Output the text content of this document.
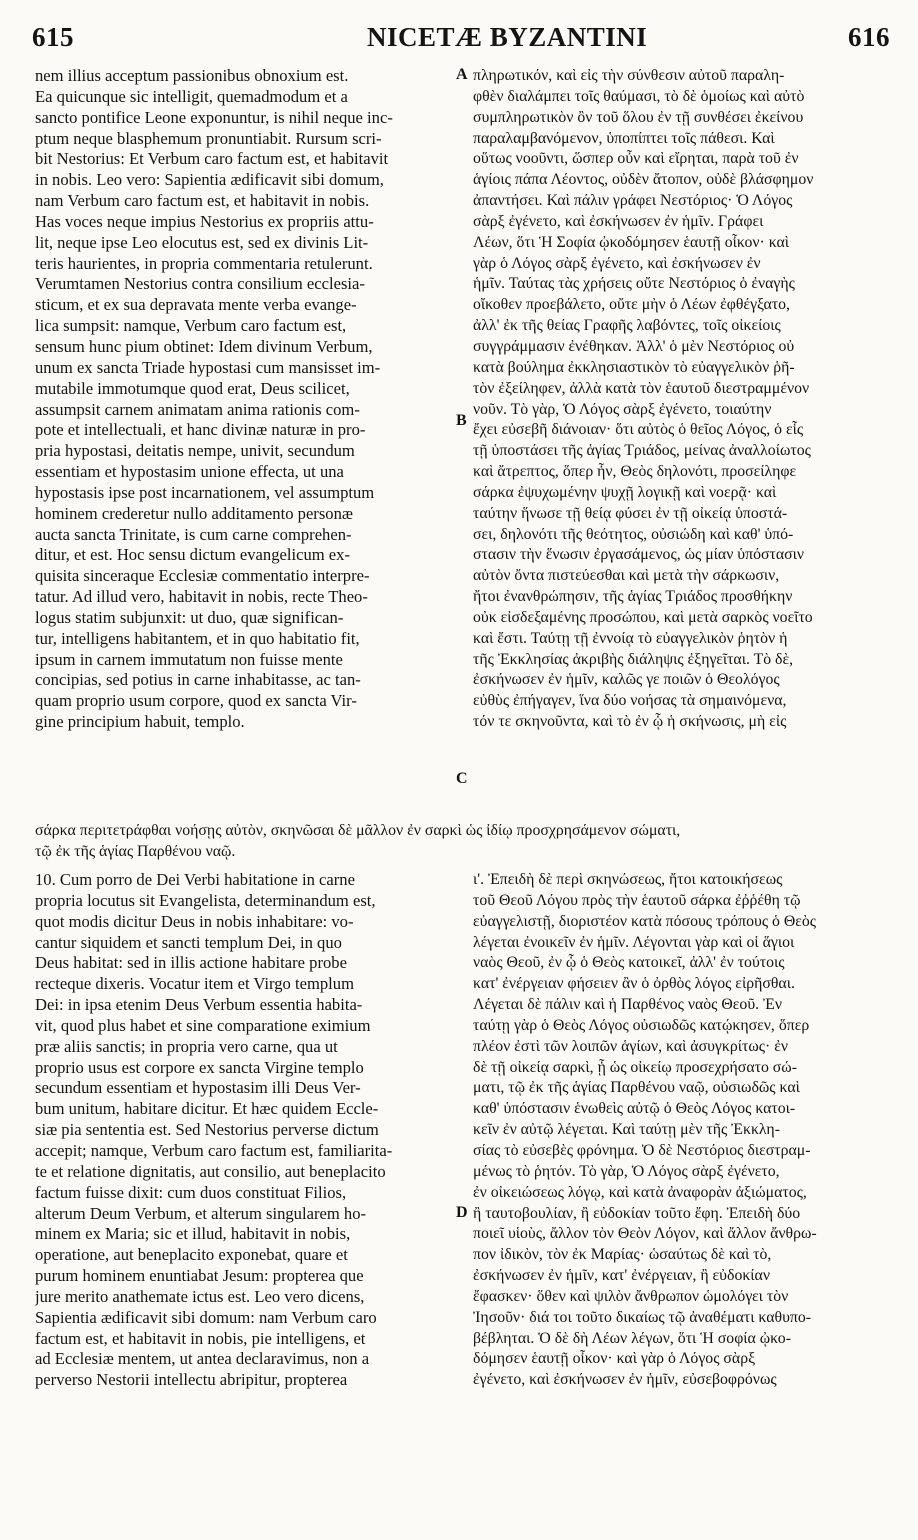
615	NICETÆ BYZANTINI	616
nem illius acceptum passionibus obnoxium est.
Ea quicunque sic intelligit, quemadmodum et a
sancto pontifice Leone exponuntur, is nihil neque inc-
ptum neque blasphemum pronuntiabit. Rursum scri-
bit Nestorius: Et Verbum caro factum est, et habitavit
in nobis. Leo vero: Sapientia ædificavit sibi domum,
nam Verbum caro factum est, et habitavit in nobis.
Has voces neque impius Nestorius ex propriis attu-
lit, neque ipse Leo elocutus est, sed ex divinis Lit-
teris haurientes, in propria commentaria retulerunt.
Verumtamen Nestorius contra consilium ecclesia-
sticum, et ex sua depravata mente verba evange-
lica sumpsit: namque, Verbum caro factum est,
sensum hunc pium obtinet: Idem divinum Verbum,
unum ex sancta Triade hypostasi cum mansisset im-
mutabile immotumque quod erat, Deus scilicet,
assumpsit carnem animatam anima rationis com-
pote et intellectuali, et hanc divinæ naturæ in pro-
pria hypostasi, deitatis nempe, univit, secundum
essentiam et hypostasim unione effecta, ut una
hypostasis ipse post incarnationem, vel assumptum
hominem crederetur nullo additamento personæ
aucta sancta Trinitate, is cum carne comprehen-
ditur, et est. Hoc sensu dictum evangelicum ex-
quisita sinceraque Ecclesiæ commentatio interpre-
tatur. Ad illud vero, habitavit in nobis, recte Theo-
logus statim subjunxit: ut duo, quæ significan-
tur, intelligens habitantem, et in quo habitatio fit,
ipsum in carnem immutatum non fuisse mente
concipias, sed potius in carne inhabitasse, ac tan-
quam proprio usum corpore, quod ex sancta Vir-
gine principium habuit, templo.
πληρωτικόν, καὶ εἰς τὴν σύνθεσιν αὐτοῦ παραλη-
φθὲν διαλάμπει τοῖς θαύμασι, τὸ δὲ ὁμοίως καὶ αὐτὸ
συμπληρωτικὸν ὂν τοῦ ὅλου ἐν τῇ συνθέσει ἐκείνου
παραλαμβανόμενον, ὑποπίπτει τοῖς πάθεσι. Καὶ
οὕτως νοοῦντι, ὥσπερ οὖν καὶ εἴρηται, παρὰ τοῦ ἐν
ἁγίοις πάπα Λέοντος, οὐδὲν ἄτοπον, οὐδὲ βλάσφημον
ἀπαντήσει. Καὶ πάλιν γράφει Νεστόριος· Ὁ Λόγος
σὰρξ ἐγένετο, καὶ ἐσκήνωσεν ἐν ἡμῖν. Γράφει
Λέων, ὅτι Ἡ Σοφία ᾠκοδόμησεν ἑαυτῇ οἶκον· καὶ
γὰρ ὁ Λόγος σὰρξ ἐγένετο, καὶ ἐσκήνωσεν ἐν
ἡμῖν. Ταύτας τὰς χρήσεις οὔτε Νεστόριος ὁ ἐναγὴς
οἴκοθεν προεβάλετο, οὔτε μὴν ὁ Λέων ἐφθέγξατο,
ἀλλ' ἐκ τῆς θείας Γραφῆς λαβόντες, τοῖς οἰκείοις
συγγράμμασιν ἐνέθηκαν. Ἀλλ' ὁ μὲν Νεστόριος οὐ
κατὰ βούλημα ἐκκλησιαστικὸν τὸ εὐαγγελικὸν ῥῆ-
τὸν ἐξείληφεν, ἀλλὰ κατὰ τὸν ἑαυτοῦ διεστραμμένον
νοῦν. Τὸ γὰρ, Ὁ Λόγος σὰρξ ἐγένετο, τοιαύτην
ἔχει εὐσεβῆ διάνοιαν· ὅτι αὐτὸς ὁ θεῖος Λόγος, ὁ εἷς
τῇ ὑποστάσει τῆς ἁγίας Τριάδος, μείνας ἀναλλοίωτος
καὶ ἄτρεπτος, ὅπερ ἦν, Θεὸς δηλονότι, προσείληφε
σάρκα ἐψυχωμένην ψυχῇ λογικῇ καὶ νοερᾷ· καὶ
ταύτην ἥνωσε τῇ θείᾳ φύσει ἐν τῇ οἰκείᾳ ὑποστά-
σει, δηλονότι τῆς θεότητος, οὐσιώδη καὶ καθ' ὑπό-
στασιν τὴν ἕνωσιν ἐργασάμενος, ὡς μίαν ὑπόστασιν
αὐτὸν ὄντα πιστεύεσθαι καὶ μετὰ τὴν σάρκωσιν,
ἤτοι ἐνανθρώπησιν, τῆς ἁγίας Τριάδος προσθήκην
οὐκ εἰσδεξαμένης προσώπου, καὶ μετὰ σαρκὸς νοεῖτο
καὶ ἔστι. Ταύτῃ τῇ ἐννοίᾳ τὸ εὐαγγελικὸν ῥητὸν ἡ
τῆς Ἐκκλησίας ἀκριβὴς διάληψις ἐξηγεῖται. Τὸ δὲ,
ἐσκήνωσεν ἐν ἡμῖν, καλῶς γε ποιῶν ὁ Θεολόγος
εὐθὺς ἐπήγαγεν, ἵνα δύο νοήσας τὰ σημαινόμενα,
τόν τε σκηνοῦντα, καὶ τὸ ἐν ᾧ ἡ σκήνωσις, μὴ εἰς
σάρκα περιτετράφθαι νοήσῃς αὐτὸν, σκηνῶσαι δὲ μᾶλλον ἐν σαρκὶ ὡς ἰδίῳ προσχρησάμενον σώματι,
τῷ ἐκ τῆς ἁγίας Παρθένου ναῷ.
10. Cum porro de Dei Verbi habitatione in carne
propria locutus sit Evangelista, determinandum est,
quot modis dicitur Deus in nobis inhabitare: vo-
cantur siquidem et sancti templum Dei, in quo
Deus habitat: sed in illis actione habitare probe
recteque dixeris. Vocatur item et Virgo templum
Dei: in ipsa etenim Deus Verbum essentia habita-
vit, quod plus habet et sine comparatione eximium
præ aliis sanctis; in propria vero carne, qua ut
proprio usus est corpore ex sancta Virgine templo
secundum essentiam et hypostasim illi Deus Ver-
bum unitum, habitare dicitur. Et hæc quidem Eccle-
siæ pia sententia est. Sed Nestorius perverse dictum
accepit; namque, Verbum caro factum est, familiarita-
te et relatione dignitatis, aut consilio, aut beneplacito
factum fuisse dixit: cum duos constituat Filios,
alterum Deum Verbum, et alterum singularem ho-
minem ex Maria; sic et illud, habitavit in nobis,
operatione, aut beneplacito exponebat, quare et
purum hominem enuntiabat Jesum: propterea que
jure merito anathemate ictus est. Leo vero dicens,
Sapientia ædificavit sibi domum: nam Verbum caro
factum est, et habitavit in nobis, pie intelligens, et
ad Ecclesiæ mentem, ut antea declaravimus, non a
perverso Nestorii intellectu abripitur, propterea
ι'. Ἐπειδὴ δὲ περὶ σκηνώσεως, ἤτοι κατοικήσεως
τοῦ Θεοῦ Λόγου πρὸς τὴν ἑαυτοῦ σάρκα ἐῤῥέθη τῷ
εὐαγγελιστῇ, διοριστέον κατὰ πόσους τρόπους ὁ Θεὸς
λέγεται ἐνοικεῖν ἐν ἡμῖν. Λέγονται γὰρ καὶ οἱ ἅγιοι
ναὸς Θεοῦ, ἐν ᾧ ὁ Θεὸς κατοικεῖ, ἀλλ' ἐν τούτοις
κατ' ἐνέργειαν φήσειεν ἂν ὁ ὀρθὸς λόγος εἰρῆσθαι.
Λέγεται δὲ πάλιν καὶ ἡ Παρθένος ναὸς Θεοῦ. Ἐν
ταύτῃ γὰρ ὁ Θεὸς Λόγος οὐσιωδῶς κατῴκησεν, ὅπερ
πλέον ἐστὶ τῶν λοιπῶν ἁγίων, καὶ ἀσυγκρίτως· ἐν
δὲ τῇ οἰκείᾳ σαρκὶ, ᾗ ὡς οἰκείῳ προσεχρήσατο σώ-
ματι, τῷ ἐκ τῆς ἁγίας Παρθένου ναῷ, οὐσιωδῶς καὶ
καθ' ὑπόστασιν ἑνωθεὶς αὐτῷ ὁ Θεὸς Λόγος κατοι-
κεῖν ἐν αὐτῷ λέγεται. Καὶ ταύτῃ μὲν τῆς Ἐκκλη-
σίας τὸ εὐσεβὲς φρόνημα. Ὁ δὲ Νεστόριος διεστραμ-
μένως τὸ ῥητόν. Τὸ γὰρ, Ὁ Λόγος σὰρξ ἐγένετο,
ἐν οἰκειώσεως λόγῳ, καὶ κατὰ ἀναφορὰν ἀξιώματος,
ἢ ταυτοβουλίαν, ἢ εὐδοκίαν τοῦτο ἔφη. Ἐπειδὴ δύο
ποιεῖ υἱοὺς, ἄλλον τὸν Θεὸν Λόγον, καὶ ἄλλον ἄνθρω-
πον ἰδικὸν, τὸν ἐκ Μαρίας· ὡσαύτως δὲ καὶ τὸ,
ἐσκήνωσεν ἐν ἡμῖν, κατ' ἐνέργειαν, ἢ εὐδοκίαν
ἔφασκεν· ὅθεν καὶ ψιλὸν ἄνθρωπον ὡμολόγει τὸν
Ἰησοῦν· διά τοι τοῦτο δικαίως τῷ ἀναθέματι καθυπο-
βέβληται. Ὁ δὲ δὴ Λέων λέγων, ὅτι Ἡ σοφία ᾠκο-
δόμησεν ἑαυτῇ οἶκον· καὶ γὰρ ὁ Λόγος σὰρξ
ἐγένετο, καὶ ἐσκήνωσεν ἐν ἡμῖν, εὐσεβοφρόνως
A
B
C
D
